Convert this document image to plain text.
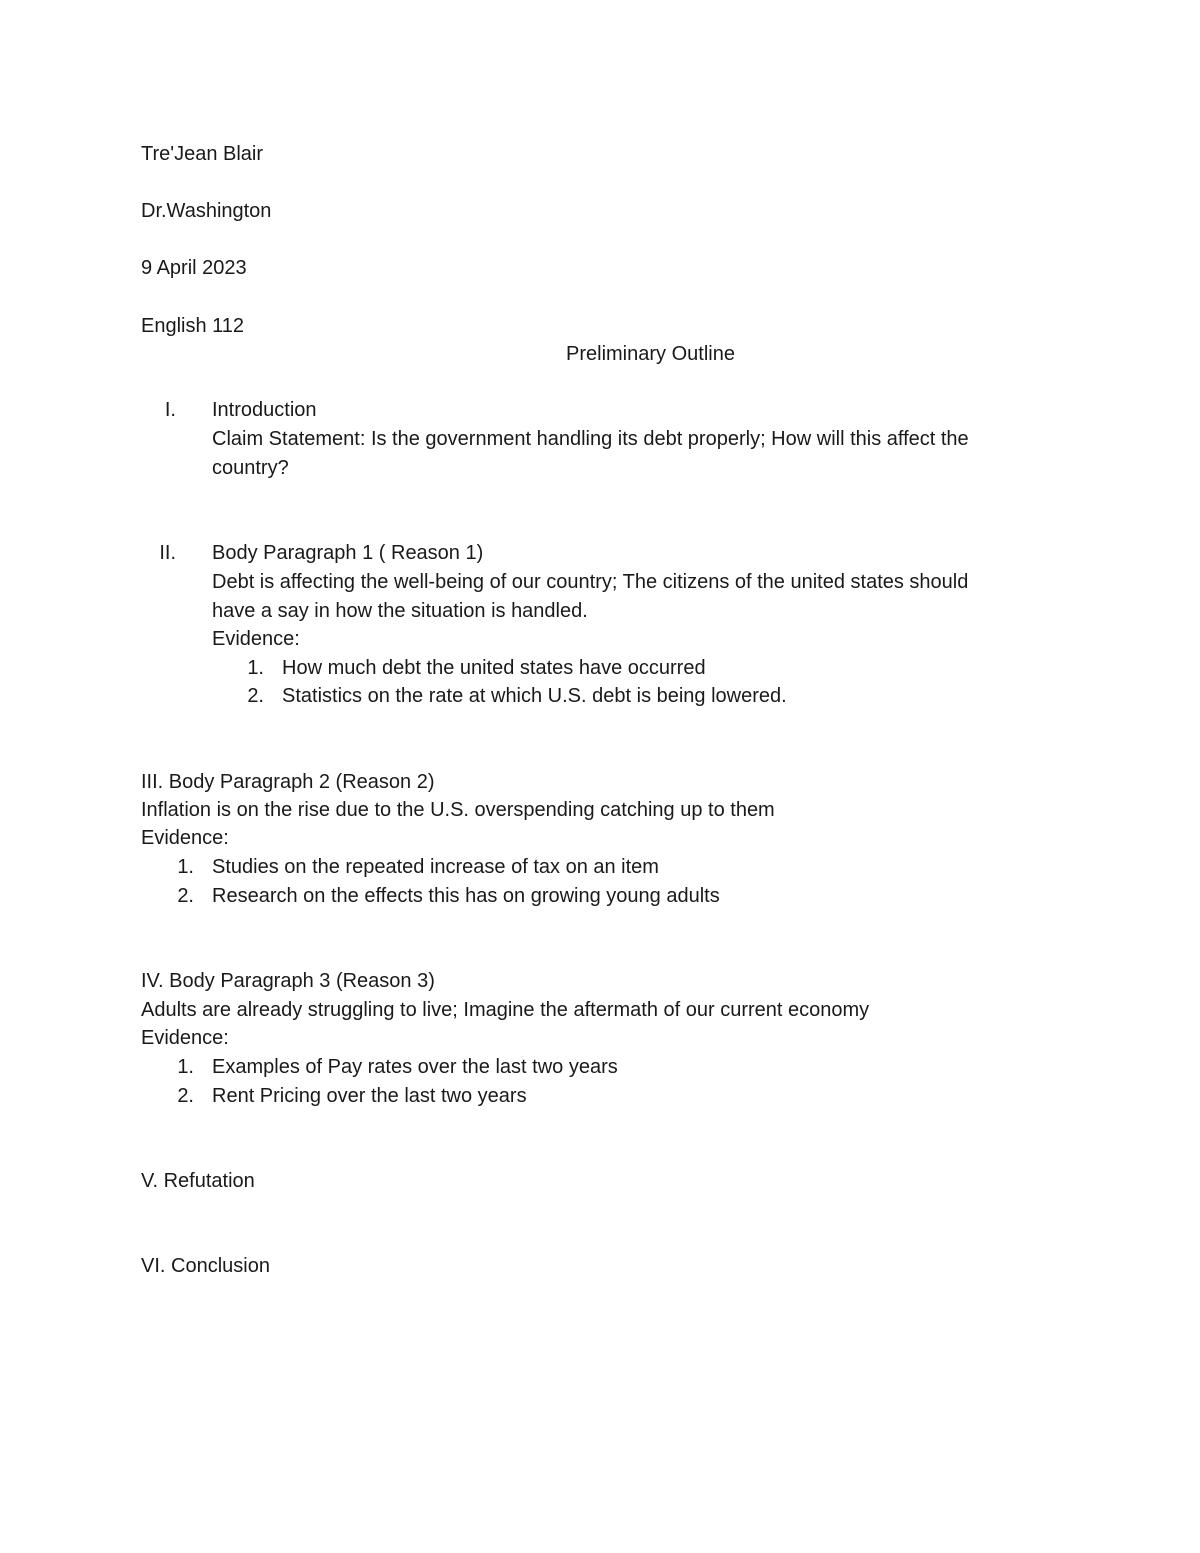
Tre'Jean Blair
Dr.Washington
9 April 2023
English 112
Preliminary Outline
I. Introduction
Claim Statement: Is the government handling its debt properly; How will this affect the
country?
II. Body Paragraph 1 ( Reason 1)
Debt is affecting the well-being of our country; The citizens of the united states should
have a say in how the situation is handled.
Evidence:
1. How much debt the united states have occurred
2. Statistics on the rate at which U.S. debt is being lowered.
III. Body Paragraph 2 (Reason 2)
Inflation is on the rise due to the U.S. overspending catching up to them
Evidence:
1. Studies on the repeated increase of tax on an item
2. Research on the effects this has on growing young adults
IV. Body Paragraph 3 (Reason 3)
Adults are already struggling to live; Imagine the aftermath of our current economy
Evidence:
1. Examples of Pay rates over the last two years
2. Rent Pricing over the last two years
V. Refutation
VI. Conclusion
